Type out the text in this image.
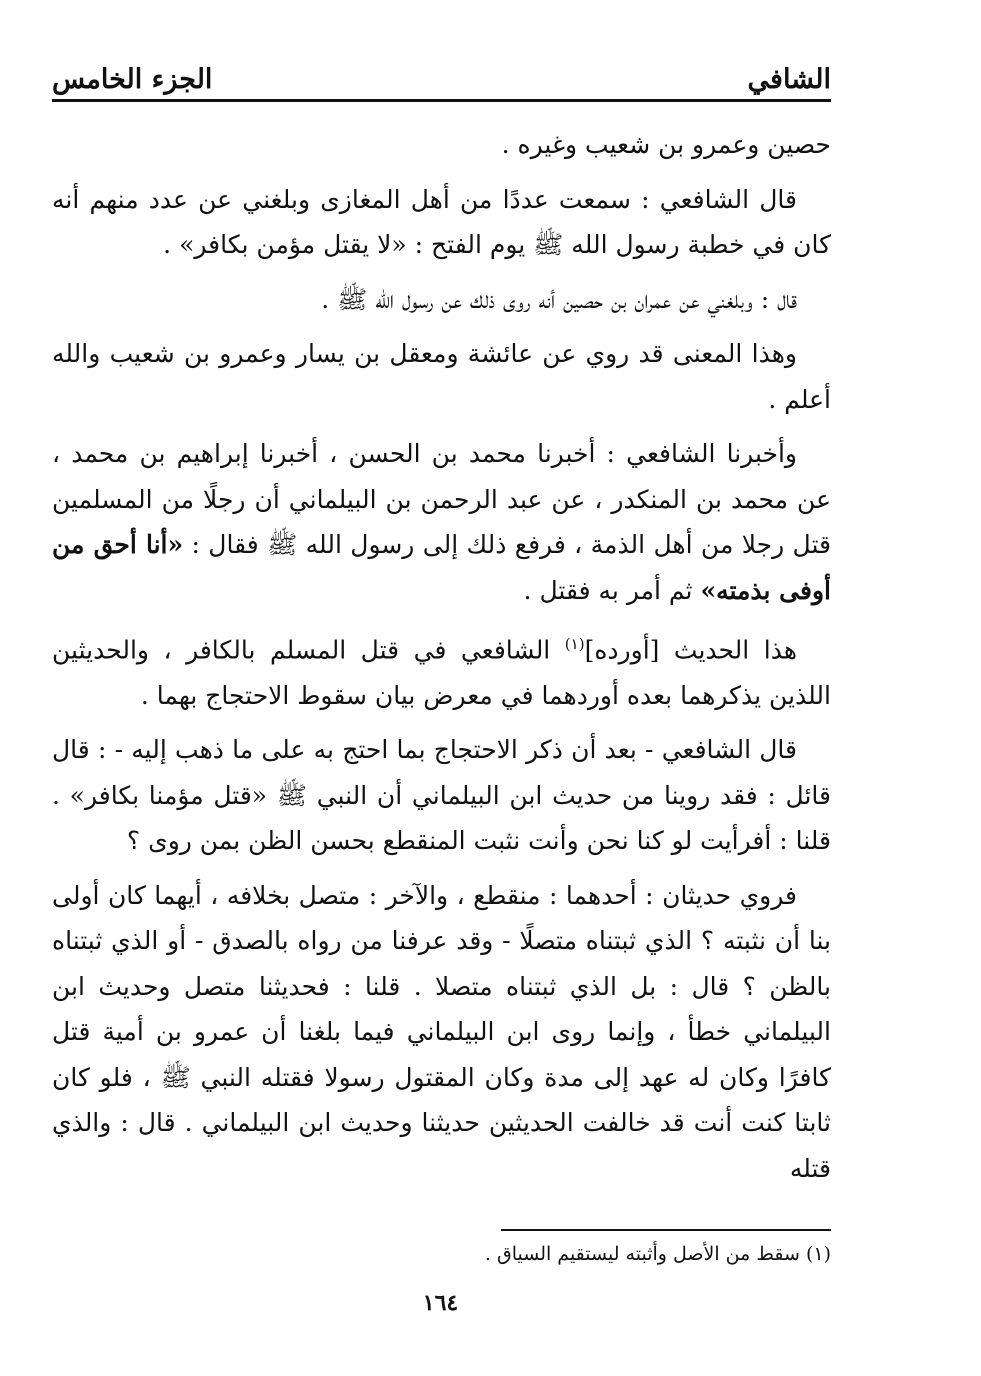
الشافي
الجزء الخامس

حصين وعمرو بن شعيب وغيره .

قال الشافعي : سمعت عددًا من أهل المغازى وبلغني عن عدد منهم أنه كان في خطبة رسول الله ﷺ يوم الفتح : «لا يقتل مؤمن بكافر» .

قال : وبلغني عن عمران بن حصين أنه روى ذلك عن رسول الله ﷺ .

وهذا المعنى قد روي عن عائشة ومعقل بن يسار وعمرو بن شعيب والله أعلم .

وأخبرنا الشافعي : أخبرنا محمد بن الحسن ، أخبرنا إبراهيم بن محمد ، عن محمد بن المنكدر ، عن عبد الرحمن بن البيلماني أن رجلًا من المسلمين قتل رجلا من أهل الذمة ، فرفع ذلك إلى رسول الله ﷺ فقال : «أنا أحق من أوفى بذمته» ثم أمر به فقتل .

هذا الحديث [أورده]$^{(١)}$ الشافعي في قتل المسلم بالكافر ، والحديثين اللذين يذكرهما بعده أوردهما في معرض بيان سقوط الاحتجاج بهما .

قال الشافعي - بعد أن ذكر الاحتجاج بما احتج به على ما ذهب إليه - : قال قائل : فقد روينا من حديث ابن البيلماني أن النبي ﷺ «قتل مؤمنا بكافر» . قلنا : أفرأيت لو كنا نحن وأنت نثبت المنقطع بحسن الظن بمن روى ؟

فروي حديثان : أحدهما : منقطع ، والآخر : متصل بخلافه ، أيهما كان أولى بنا أن نثبته ؟ الذي ثبتناه متصلًا - وقد عرفنا من رواه بالصدق - أو الذي ثبتناه بالظن ؟ قال : بل الذي ثبتناه متصلا . قلنا : فحديثنا متصل وحديث ابن البيلماني خطأ ، وإنما روى ابن البيلماني فيما بلغنا أن عمرو بن أمية قتل كافرًا وكان له عهد إلى مدة وكان المقتول رسولا فقتله النبي ﷺ ، فلو كان ثابتا كنت أنت قد خالفت الحديثين حديثنا وحديث ابن البيلماني . قال : والذي قتله

(١) سقط من الأصل وأثبته ليستقيم السياق .
١٦٤
